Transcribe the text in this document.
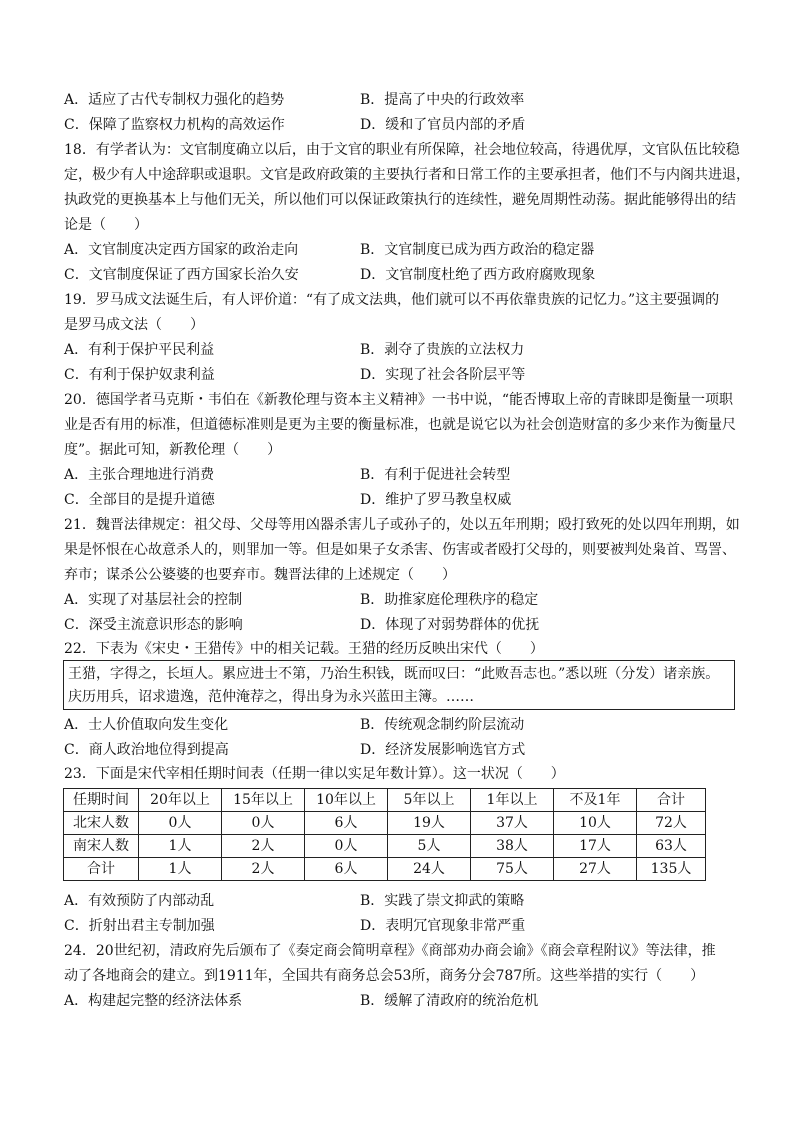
A．适应了古代专制权力强化的趋势	B．提高了中央的行政效率
C．保障了监察权力机构的高效运作	D．缓和了官员内部的矛盾
18．有学者认为：文官制度确立以后，由于文官的职业有所保障，社会地位较高，待遇优厚，文官队伍比较稳
定，极少有人中途辞职或退职。文官是政府政策的主要执行者和日常工作的主要承担者，他们不与内阁共进退，
执政党的更换基本上与他们无关，所以他们可以保证政策执行的连续性，避免周期性动荡。据此能够得出的结
论是（　　）
A．文官制度决定西方国家的政治走向	B．文官制度已成为西方政治的稳定器
C．文官制度保证了西方国家长治久安	D．文官制度杜绝了西方政府腐败现象
19．罗马成文法诞生后，有人评价道：“有了成文法典，他们就可以不再依靠贵族的记忆力。”这主要强调的
是罗马成文法（　　）
A．有利于保护平民利益	B．剥夺了贵族的立法权力
C．有利于保护奴隶利益	D．实现了社会各阶层平等
20．德国学者马克斯・韦伯在《新教伦理与资本主义精神》一书中说，“能否博取上帝的青睐即是衡量一项职
业是否有用的标准，但道德标准则是更为主要的衡量标准，也就是说它以为社会创造财富的多少来作为衡量尺
度”。据此可知，新教伦理（　　）
A．主张合理地进行消费	B．有利于促进社会转型
C．全部目的是提升道德	D．维护了罗马教皇权威
21．魏晋法律规定：祖父母、父母等用凶器杀害儿子或孙子的，处以五年刑期；殴打致死的处以四年刑期，如
果是怀恨在心故意杀人的，则罪加一等。但是如果子女杀害、伤害或者殴打父母的，则要被判处枭首、骂詈、
弃市；谋杀公公婆婆的也要弃市。魏晋法律的上述规定（　　）
A．实现了对基层社会的控制	B．助推家庭伦理秩序的稳定
C．深受主流意识形态的影响	D．体现了对弱势群体的优抚
22．下表为《宋史・王猎传》中的相关记载。王猎的经历反映出宋代（　　）
王猎，字得之，长垣人。累应进士不第，乃治生积钱，既而叹曰：“此败吾志也。”悉以班（分发）诸亲族。
庆历用兵，诏求遗逸，范仲淹荐之，得出身为永兴蓝田主簿。……
A．士人价值取向发生变化	B．传统观念制约阶层流动
C．商人政治地位得到提高	D．经济发展影响选官方式
23．下面是宋代宰相任期时间表（任期一律以实足年数计算）。这一状况（　　）
任期时间	20年以上	15年以上	10年以上	5年以上	1年以上	不及1年	合计
北宋人数	0人	0人	6人	19人	37人	10人	72人
南宋人数	1人	2人	0人	5人	38人	17人	63人
合计	1人	2人	6人	24人	75人	27人	135人
A．有效预防了内部动乱	B．实践了崇文抑武的策略
C．折射出君主专制加强	D．表明冗官现象非常严重
24．20世纪初，清政府先后颁布了《奏定商会简明章程》《商部劝办商会谕》《商会章程附议》等法律，推
动了各地商会的建立。到1911年，全国共有商务总会53所，商务分会787所。这些举措的实行（　　）
A．构建起完整的经济法体系	B．缓解了清政府的统治危机
